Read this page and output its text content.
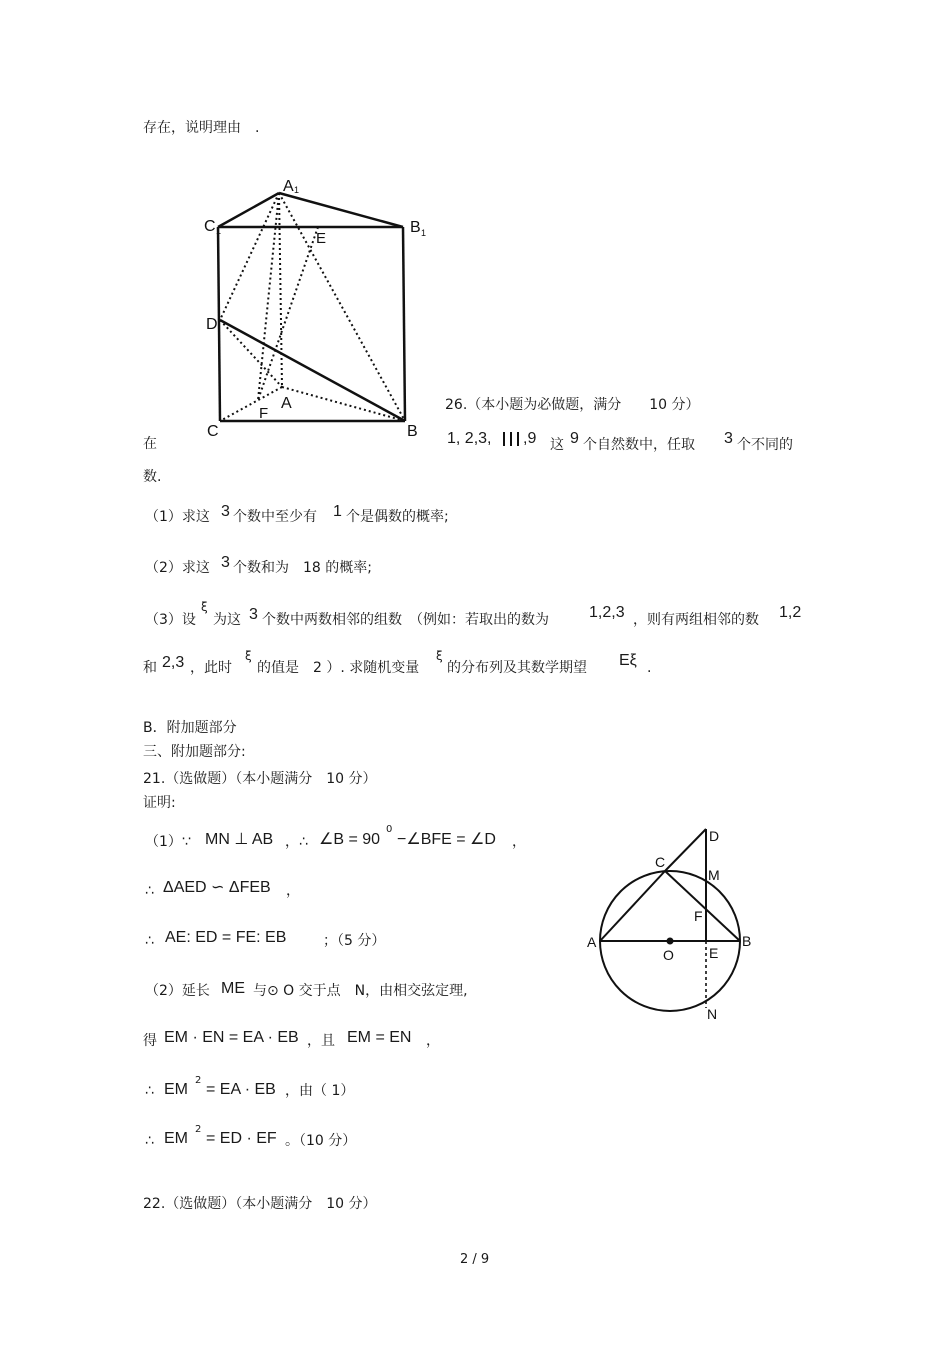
存在，说明理由　.
A 1
C 1	B 1
E
D
A
F
C	B
26.（本小题为必做题，满分　　10 分）
在	1, 2,3, ,9 这 9 个自然数中，任取 3 个不同的
数.
（1）求这 3 个数中至少有 1 个是偶数的概率;
（2）求这 3 个数和为　18 的概率;
（3）设
ξ
为这 3 个数中两数相邻的组数　（例如：若取出的数为	1,2,3 ，则有两组相邻的数 1,2
和 2,3 ，此时
ξ
的值是　2 ）. 求随机变量
ξ
的分布列及其数学期望 Eξ .
B．附加题部分
三、附加题部分:
21.（选做题）（本小题满分　10 分）
证明:
（1）∵ MN ⊥ AB ，∴ ∠B = 90
0
−∠BFE = ∠D ，
∴ ΔAED ∽ ΔFEB ，
∴ AE: ED = FE: EB	；（5 分）
（2）延长 ME 与⊙ O 交于点　N，由相交弦定理,
得 EM · EN = EA · EB ，且 EM = EN ，
∴ EM
2
= EA · EB ，由（ 1）
∴ EM
2
= ED · EF 。（10 分）
22.（选做题）（本小题满分　10 分）
D
C
M
F
A	B
O	E
N
2 / 9
